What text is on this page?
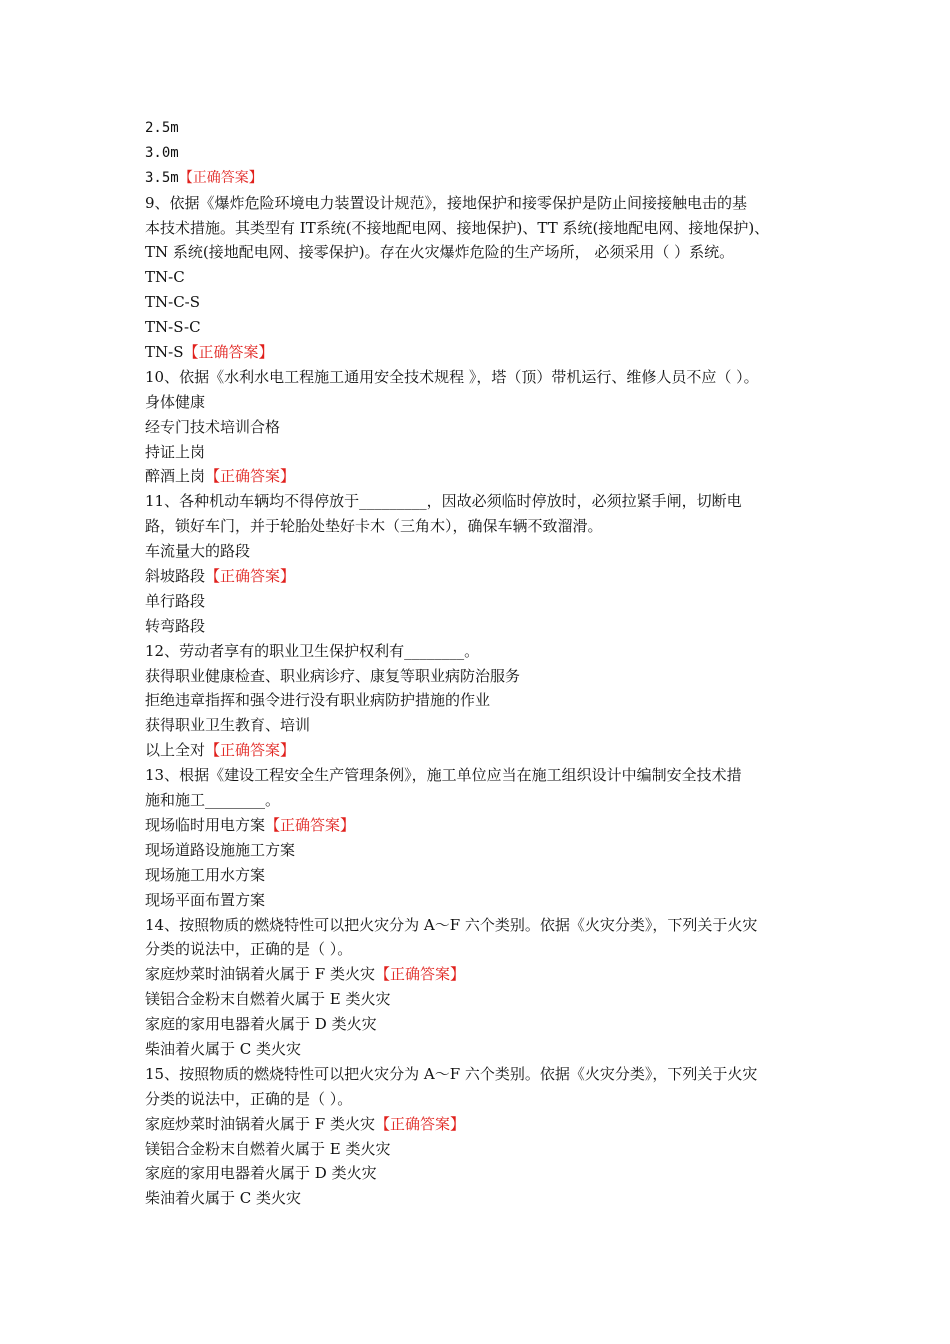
2.5m
3.0m
3.5m【正确答案】
9、依据《爆炸危险环境电力装置设计规范》，接地保护和接零保护是防止间接接触电击的基
本技术措施。其类型有 IT系统(不接地配电网、接地保护)、TT 系统(接地配电网、接地保护)、
TN 系统(接地配电网、接零保护)。存在火灾爆炸危险的生产场所， 必须采用（ ）系统。
TN-C
TN-C-S
TN-S-C
TN-S【正确答案】
10、依据《水利水电工程施工通用安全技术规程 》，塔（顶）带机运行、维修人员不应（ ）。
身体健康
经专门技术培训合格
持证上岗
醉酒上岗【正确答案】
11、各种机动车辆均不得停放于_________，因故必须临时停放时，必须拉紧手闸，切断电
路，锁好车门，并于轮胎处垫好卡木（三角木），确保车辆不致溜滑。
车流量大的路段
斜坡路段【正确答案】
单行路段
转弯路段
12、劳动者享有的职业卫生保护权利有________。
获得职业健康检查、职业病诊疗、康复等职业病防治服务
拒绝违章指挥和强令进行没有职业病防护措施的作业
获得职业卫生教育、培训
以上全对【正确答案】
13、根据《建设工程安全生产管理条例》，施工单位应当在施工组织设计中编制安全技术措
施和施工________。
现场临时用电方案【正确答案】
现场道路设施施工方案
现场施工用水方案
现场平面布置方案
14、按照物质的燃烧特性可以把火灾分为 A～F 六个类别。依据《火灾分类》，下列关于火灾
分类的说法中，正确的是（ ）。
家庭炒菜时油锅着火属于 F 类火灾【正确答案】
镁铝合金粉末自燃着火属于 E 类火灾
家庭的家用电器着火属于 D 类火灾
柴油着火属于 C 类火灾
15、按照物质的燃烧特性可以把火灾分为 A～F 六个类别。依据《火灾分类》，下列关于火灾
分类的说法中，正确的是（ ）。
家庭炒菜时油锅着火属于 F 类火灾【正确答案】
镁铝合金粉末自燃着火属于 E 类火灾
家庭的家用电器着火属于 D 类火灾
柴油着火属于 C 类火灾
